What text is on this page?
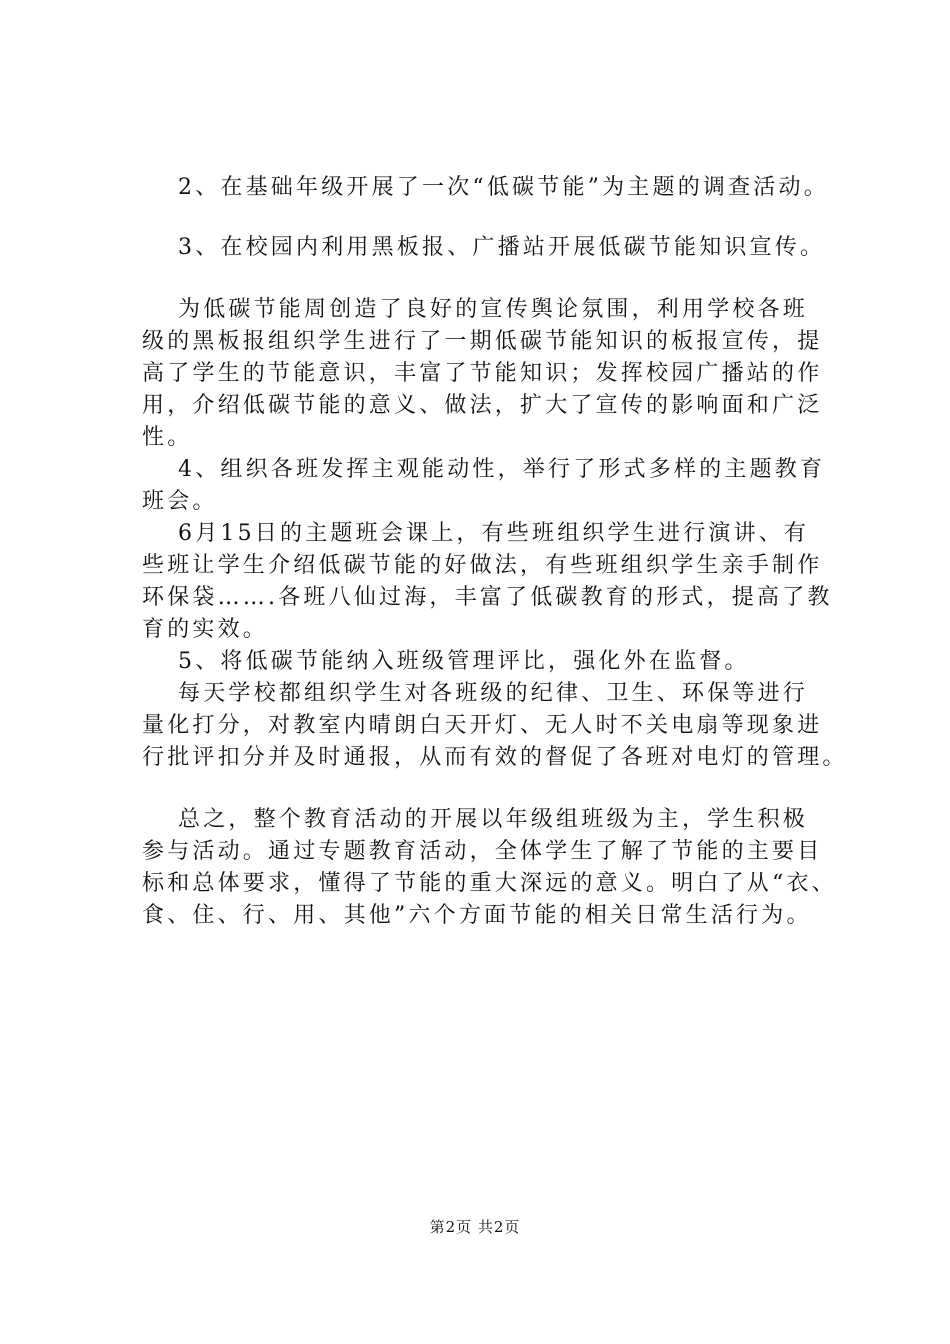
2、在基础年级开展了一次“低碳节能”为主题的调查活动。
3、在校园内利用黑板报、广播站开展低碳节能知识宣传。
为低碳节能周创造了良好的宣传舆论氛围，利用学校各班
级的黑板报组织学生进行了一期低碳节能知识的板报宣传，提
高了学生的节能意识，丰富了节能知识；发挥校园广播站的作
用，介绍低碳节能的意义、做法，扩大了宣传的影响面和广泛
性。
4、组织各班发挥主观能动性，举行了形式多样的主题教育
班会。
6月15日的主题班会课上，有些班组织学生进行演讲、有
些班让学生介绍低碳节能的好做法，有些班组织学生亲手制作
环保袋…….各班八仙过海，丰富了低碳教育的形式，提高了教
育的实效。
5、将低碳节能纳入班级管理评比，强化外在监督。
每天学校都组织学生对各班级的纪律、卫生、环保等进行
量化打分，对教室内晴朗白天开灯、无人时不关电扇等现象进
行批评扣分并及时通报，从而有效的督促了各班对电灯的管理。
总之，整个教育活动的开展以年级组班级为主，学生积极
参与活动。通过专题教育活动，全体学生了解了节能的主要目
标和总体要求，懂得了节能的重大深远的意义。明白了从“衣、
食、住、行、用、其他”六个方面节能的相关日常生活行为。
第2页 共2页
